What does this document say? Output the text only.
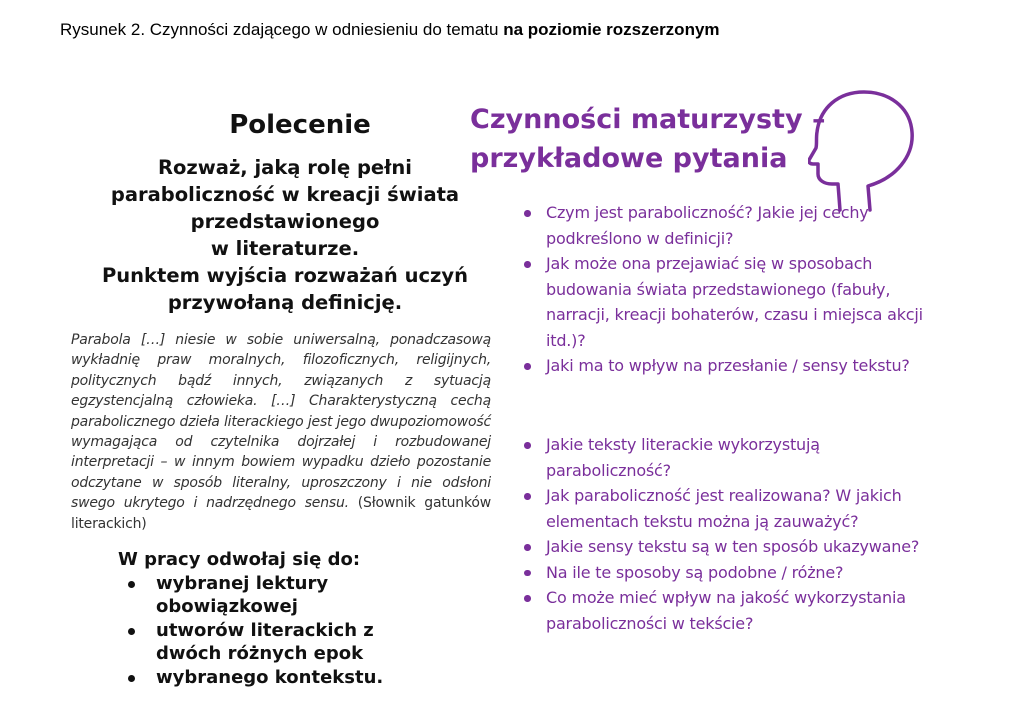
Rysunek 2. Czynności zdającego w odniesieniu do tematu na poziomie rozszerzonym
Polecenie
Rozważ, jaką rolę pełni
paraboliczność w kreacji świata
przedstawionego
w literaturze.
Punktem wyjścia rozważań uczyń
przywołaną definicję.
Parabola […] niesie w sobie uniwersalną, ponadczasową wykładnię praw moralnych, filozoficznych, religijnych, politycznych bądź innych, związanych z sytuacją egzystencjalną człowieka. […] Charakterystyczną cechą parabolicznego dzieła literackiego jest jego dwupoziomowość wymagająca od czytelnika dojrzałej i rozbudowanej interpretacji – w innym bowiem wypadku dzieło pozostanie odczytane w sposób literalny, uproszczony i nie odsłoni swego ukrytego i nadrzędnego sensu. (Słownik gatunków literackich)
W pracy odwołaj się do:
wybranej lektury obowiązkowej
utworów literackich z dwóch różnych epok
wybranego kontekstu.
Czynności maturzysty –
przykładowe pytania
Czym jest paraboliczność? Jakie jej cechy podkreślono w definicji?
Jak może ona przejawiać się w sposobach budowania świata przedstawionego (fabuły, narracji, kreacji bohaterów, czasu i miejsca akcji itd.)?
Jaki ma to wpływ na przesłanie / sensy tekstu?
Jakie teksty literackie wykorzystują paraboliczność?
Jak paraboliczność jest realizowana? W jakich elementach tekstu można ją zauważyć?
Jakie sensy tekstu są w ten sposób ukazywane?
Na ile te sposoby są podobne / różne?
Co może mieć wpływ na jakość wykorzystania paraboliczności w tekście?
